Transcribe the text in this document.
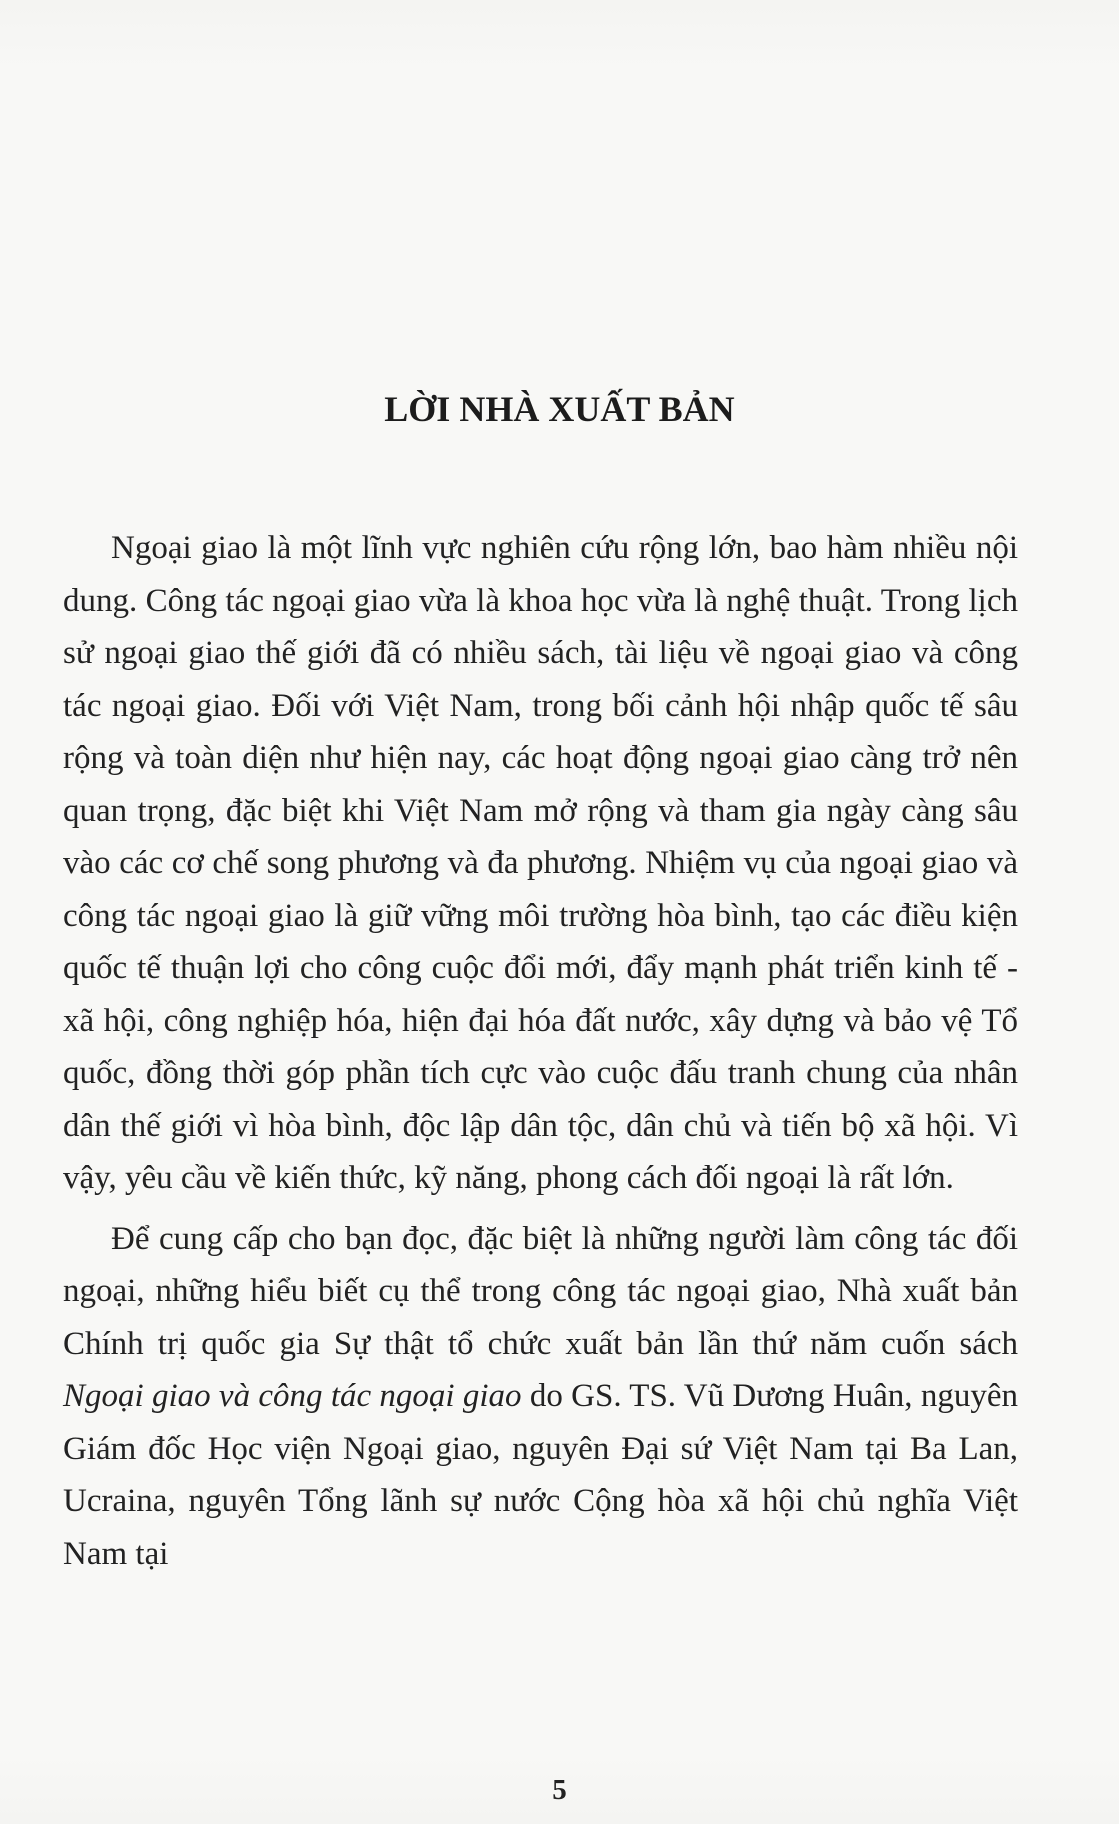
LỜI NHÀ XUẤT BẢN

Ngoại giao là một lĩnh vực nghiên cứu rộng lớn, bao hàm nhiều nội dung. Công tác ngoại giao vừa là khoa học vừa là nghệ thuật. Trong lịch sử ngoại giao thế giới đã có nhiều sách, tài liệu về ngoại giao và công tác ngoại giao. Đối với Việt Nam, trong bối cảnh hội nhập quốc tế sâu rộng và toàn diện như hiện nay, các hoạt động ngoại giao càng trở nên quan trọng, đặc biệt khi Việt Nam mở rộng và tham gia ngày càng sâu vào các cơ chế song phương và đa phương. Nhiệm vụ của ngoại giao và công tác ngoại giao là giữ vững môi trường hòa bình, tạo các điều kiện quốc tế thuận lợi cho công cuộc đổi mới, đẩy mạnh phát triển kinh tế - xã hội, công nghiệp hóa, hiện đại hóa đất nước, xây dựng và bảo vệ Tổ quốc, đồng thời góp phần tích cực vào cuộc đấu tranh chung của nhân dân thế giới vì hòa bình, độc lập dân tộc, dân chủ và tiến bộ xã hội. Vì vậy, yêu cầu về kiến thức, kỹ năng, phong cách đối ngoại là rất lớn.

Để cung cấp cho bạn đọc, đặc biệt là những người làm công tác đối ngoại, những hiểu biết cụ thể trong công tác ngoại giao, Nhà xuất bản Chính trị quốc gia Sự thật tổ chức xuất bản lần thứ năm cuốn sách Ngoại giao và công tác ngoại giao do GS. TS. Vũ Dương Huân, nguyên Giám đốc Học viện Ngoại giao, nguyên Đại sứ Việt Nam tại Ba Lan, Ucraina, nguyên Tổng lãnh sự nước Cộng hòa xã hội chủ nghĩa Việt Nam tại

5
